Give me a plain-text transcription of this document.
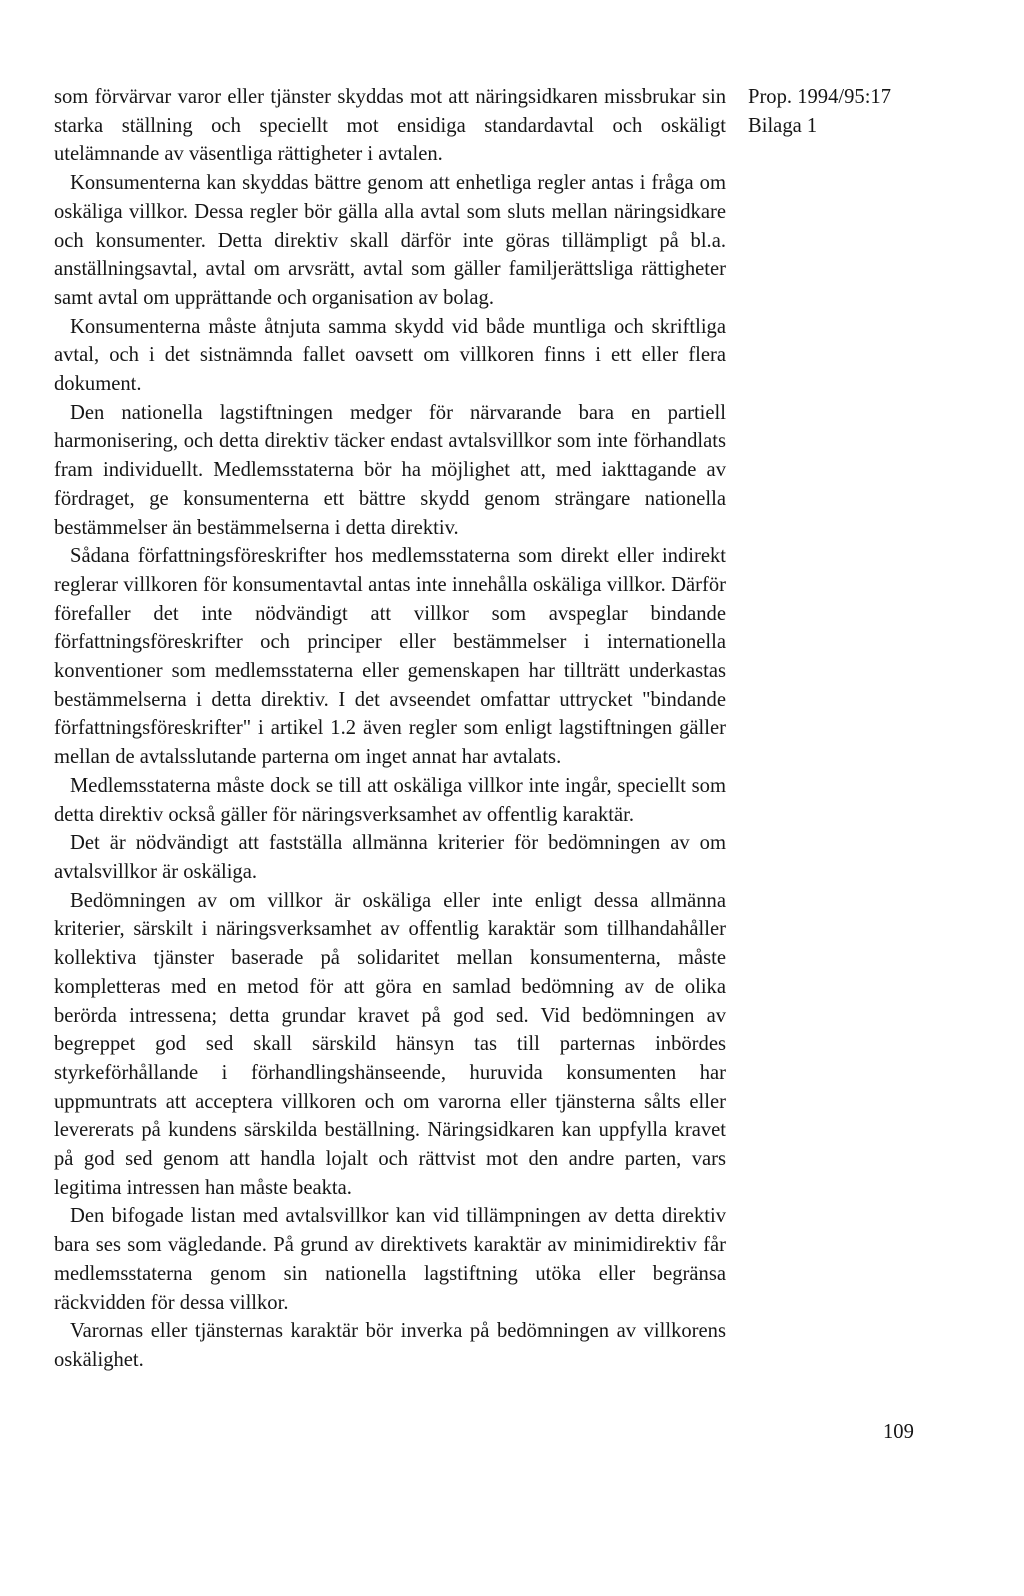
Prop. 1994/95:17
Bilaga 1

som förvärvar varor eller tjänster skyddas mot att näringsidkaren missbrukar sin starka ställning och speciellt mot ensidiga standardavtal och oskäligt utelämnande av väsentliga rättigheter i avtalen.

Konsumenterna kan skyddas bättre genom att enhetliga regler antas i fråga om oskäliga villkor. Dessa regler bör gälla alla avtal som sluts mellan näringsidkare och konsumenter. Detta direktiv skall därför inte göras tillämpligt på bl.a. anställningsavtal, avtal om arvsrätt, avtal som gäller familjerättsliga rättigheter samt avtal om upprättande och organisation av bolag.

Konsumenterna måste åtnjuta samma skydd vid både muntliga och skriftliga avtal, och i det sistnämnda fallet oavsett om villkoren finns i ett eller flera dokument.

Den nationella lagstiftningen medger för närvarande bara en partiell harmonisering, och detta direktiv täcker endast avtalsvillkor som inte förhandlats fram individuellt. Medlemsstaterna bör ha möjlighet att, med iakttagande av fördraget, ge konsumenterna ett bättre skydd genom strängare nationella bestämmelser än bestämmelserna i detta direktiv.

Sådana författningsföreskrifter hos medlemsstaterna som direkt eller indirekt reglerar villkoren för konsumentavtal antas inte innehålla oskäliga villkor. Därför förefaller det inte nödvändigt att villkor som avspeglar bindande författningsföreskrifter och principer eller bestämmelser i internationella konventioner som medlemsstaterna eller gemenskapen har tillträtt underkastas bestämmelserna i detta direktiv. I det avseendet omfattar uttrycket "bindande författningsföreskrifter" i artikel 1.2 även regler som enligt lagstiftningen gäller mellan de avtalsslutande parterna om inget annat har avtalats.

Medlemsstaterna måste dock se till att oskäliga villkor inte ingår, speciellt som detta direktiv också gäller för näringsverksamhet av offentlig karaktär.

Det är nödvändigt att fastställa allmänna kriterier för bedömningen av om avtalsvillkor är oskäliga.

Bedömningen av om villkor är oskäliga eller inte enligt dessa allmänna kriterier, särskilt i näringsverksamhet av offentlig karaktär som tillhandahåller kollektiva tjänster baserade på solidaritet mellan konsumenterna, måste kompletteras med en metod för att göra en samlad bedömning av de olika berörda intressena; detta grundar kravet på god sed. Vid bedömningen av begreppet god sed skall särskild hänsyn tas till parternas inbördes styrkeförhållande i förhandlingshänseende, huruvida konsumenten har uppmuntrats att acceptera villkoren och om varorna eller tjänsterna sålts eller levererats på kundens särskilda beställning. Näringsidkaren kan uppfylla kravet på god sed genom att handla lojalt och rättvist mot den andre parten, vars legitima intressen han måste beakta.

Den bifogade listan med avtalsvillkor kan vid tillämpningen av detta direktiv bara ses som vägledande. På grund av direktivets karaktär av minimidirektiv får medlemsstaterna genom sin nationella lagstiftning utöka eller begränsa räckvidden för dessa villkor.

Varornas eller tjänsternas karaktär bör inverka på bedömningen av villkorens oskälighet.

109
